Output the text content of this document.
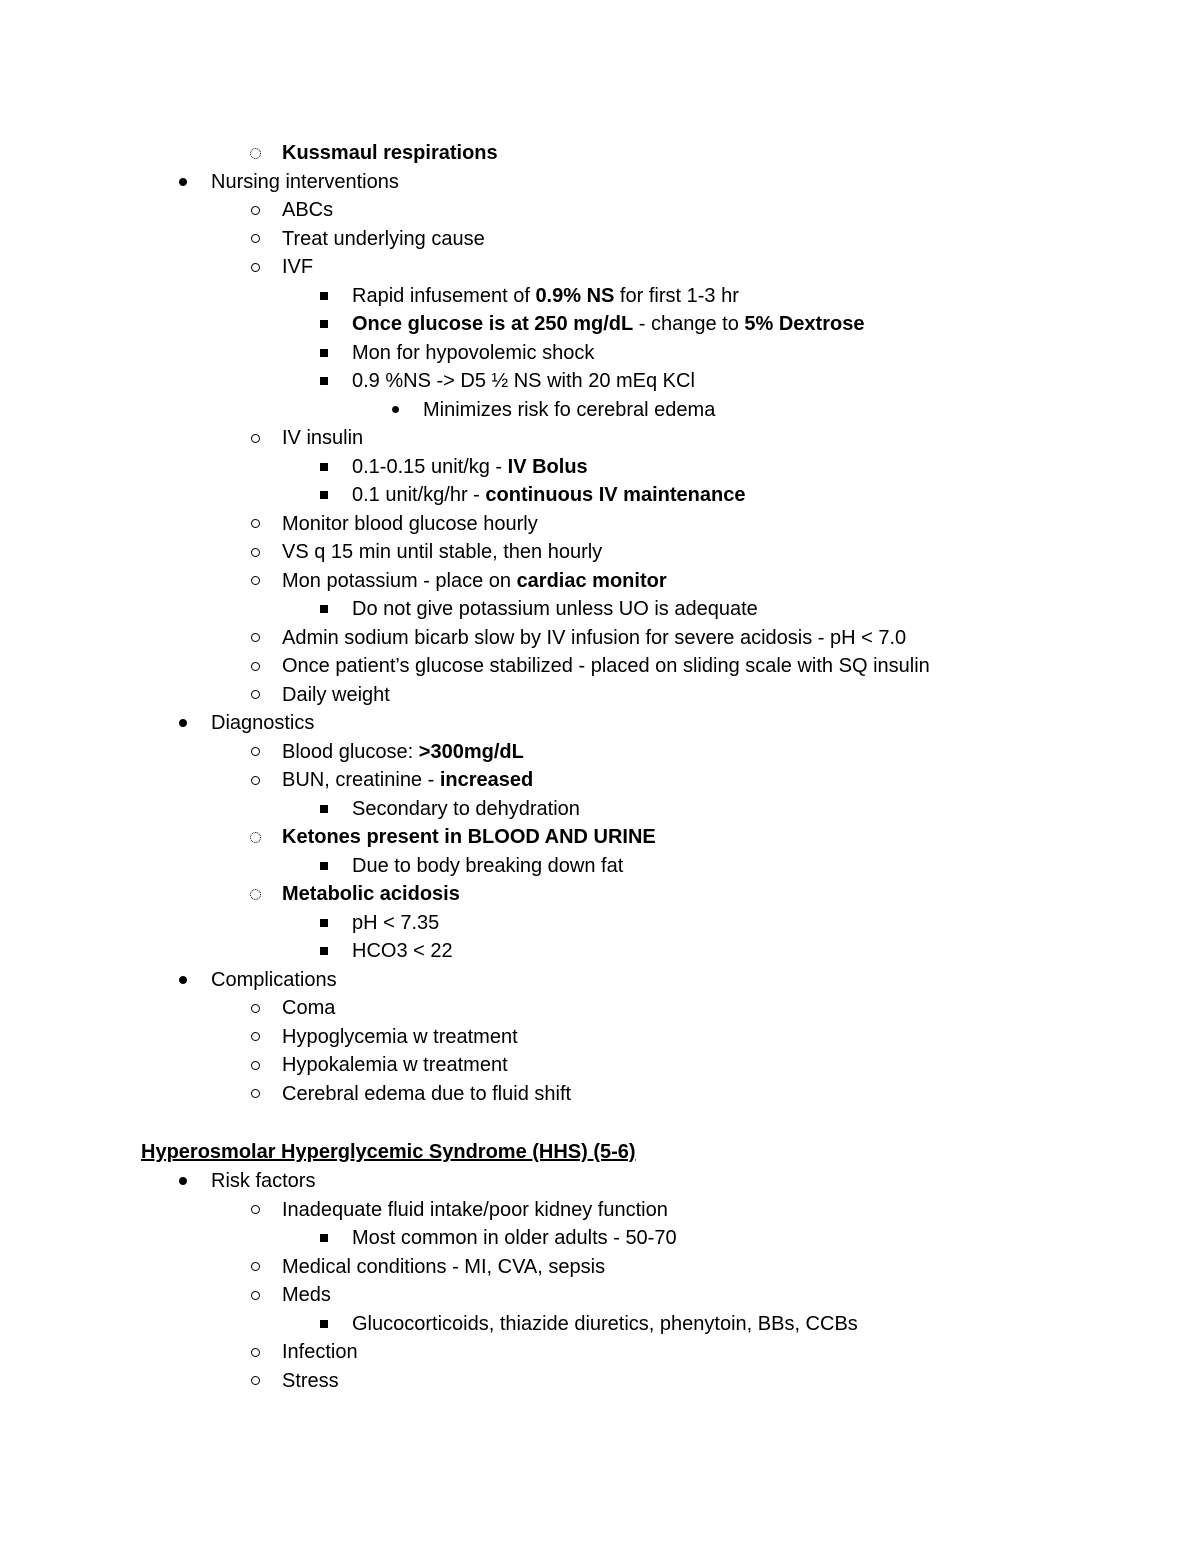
Kussmaul respirations
Nursing interventions
ABCs
Treat underlying cause
IVF
Rapid infusement of 0.9% NS for first 1-3 hr
Once glucose is at 250 mg/dL - change to 5% Dextrose
Mon for hypovolemic shock
0.9 %NS -> D5 ½ NS with 20 mEq KCl
Minimizes risk fo cerebral edema
IV insulin
0.1-0.15 unit/kg - IV Bolus
0.1 unit/kg/hr - continuous IV maintenance
Monitor blood glucose hourly
VS q 15 min until stable, then hourly
Mon potassium - place on cardiac monitor
Do not give potassium unless UO is adequate
Admin sodium bicarb slow by IV infusion for severe acidosis - pH < 7.0
Once patient’s glucose stabilized - placed on sliding scale with SQ insulin
Daily weight
Diagnostics
Blood glucose: >300mg/dL
BUN, creatinine - increased
Secondary to dehydration
Ketones present in BLOOD AND URINE
Due to body breaking down fat
Metabolic acidosis
pH < 7.35
HCO3 < 22
Complications
Coma
Hypoglycemia w treatment
Hypokalemia w treatment
Cerebral edema due to fluid shift
Hyperosmolar Hyperglycemic Syndrome (HHS) (5-6)
Risk factors
Inadequate fluid intake/poor kidney function
Most common in older adults - 50-70
Medical conditions - MI, CVA, sepsis
Meds
Glucocorticoids, thiazide diuretics, phenytoin, BBs, CCBs
Infection
Stress
